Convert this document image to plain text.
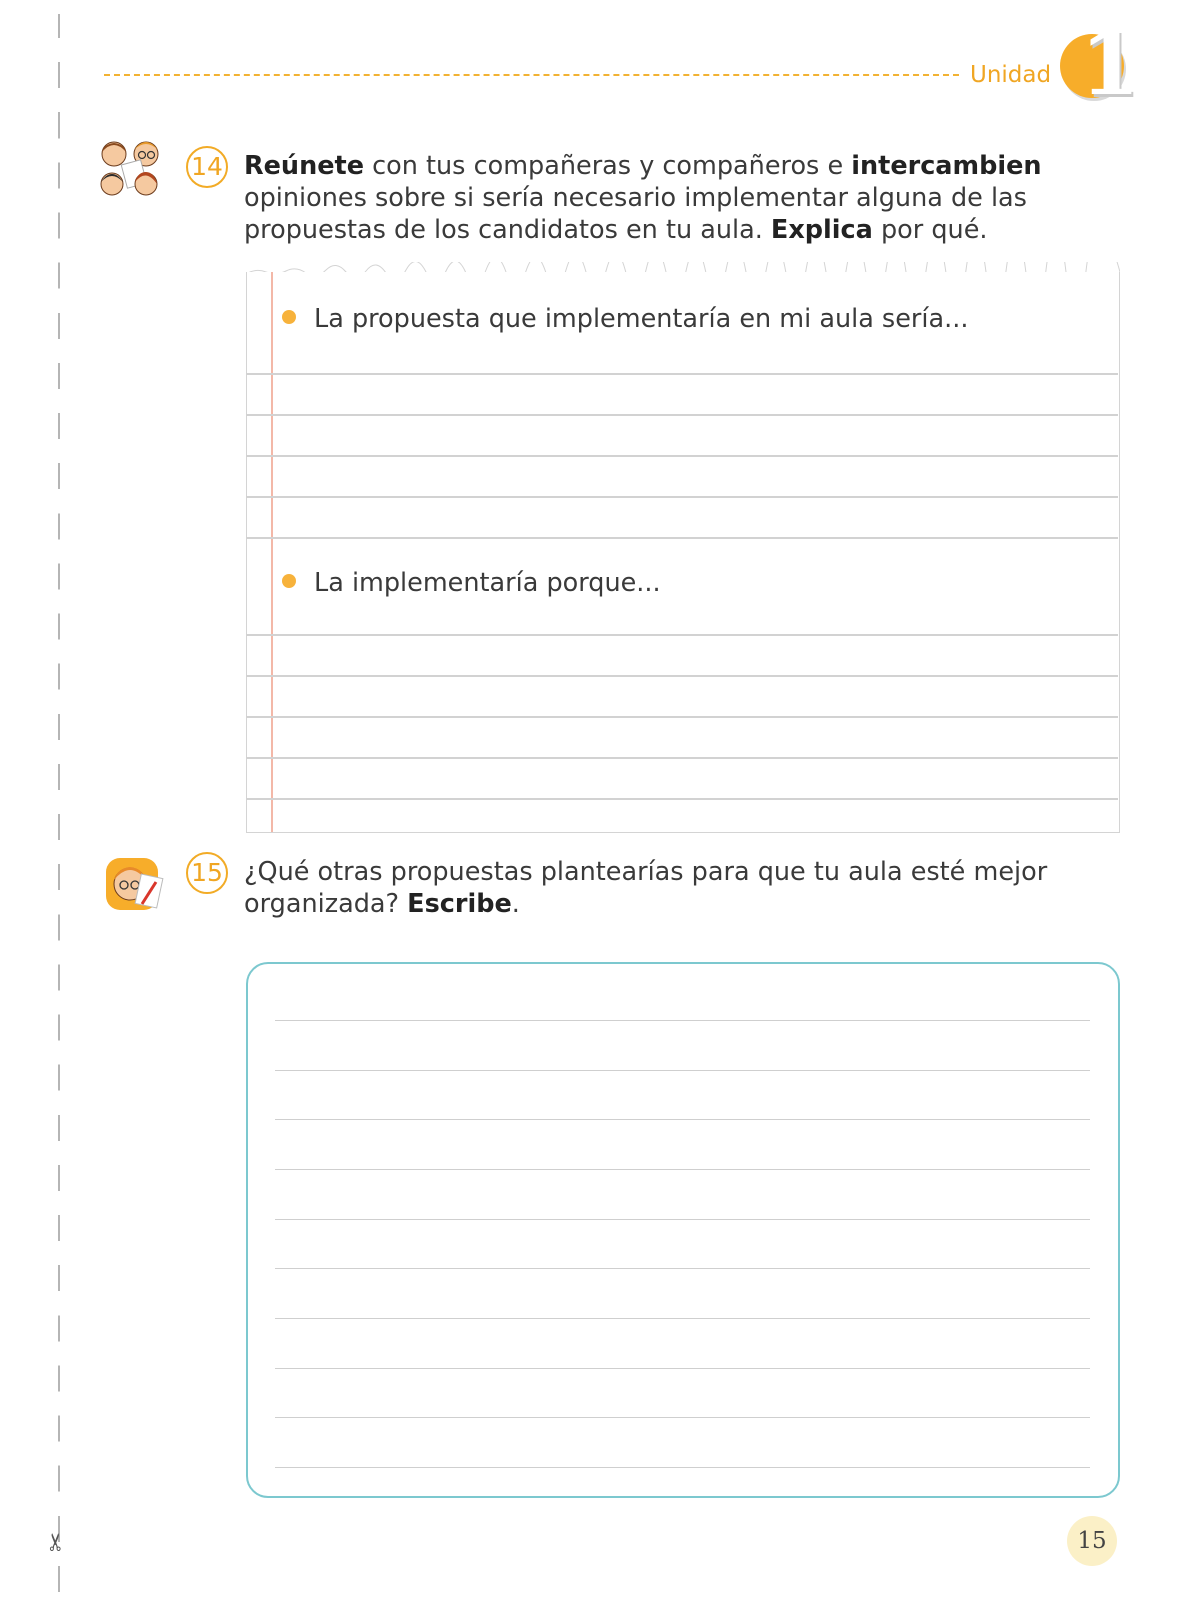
✂
Unidad 1
14 Reúnete con tus compañeras y compañeros e intercambien opiniones sobre si sería necesario implementar alguna de las propuestas de los candidatos en tu aula. Explica por qué.
La propuesta que implementaría en mi aula sería...
La implementaría porque...
15 ¿Qué otras propuestas plantearías para que tu aula esté mejor organizada? Escribe.
15
